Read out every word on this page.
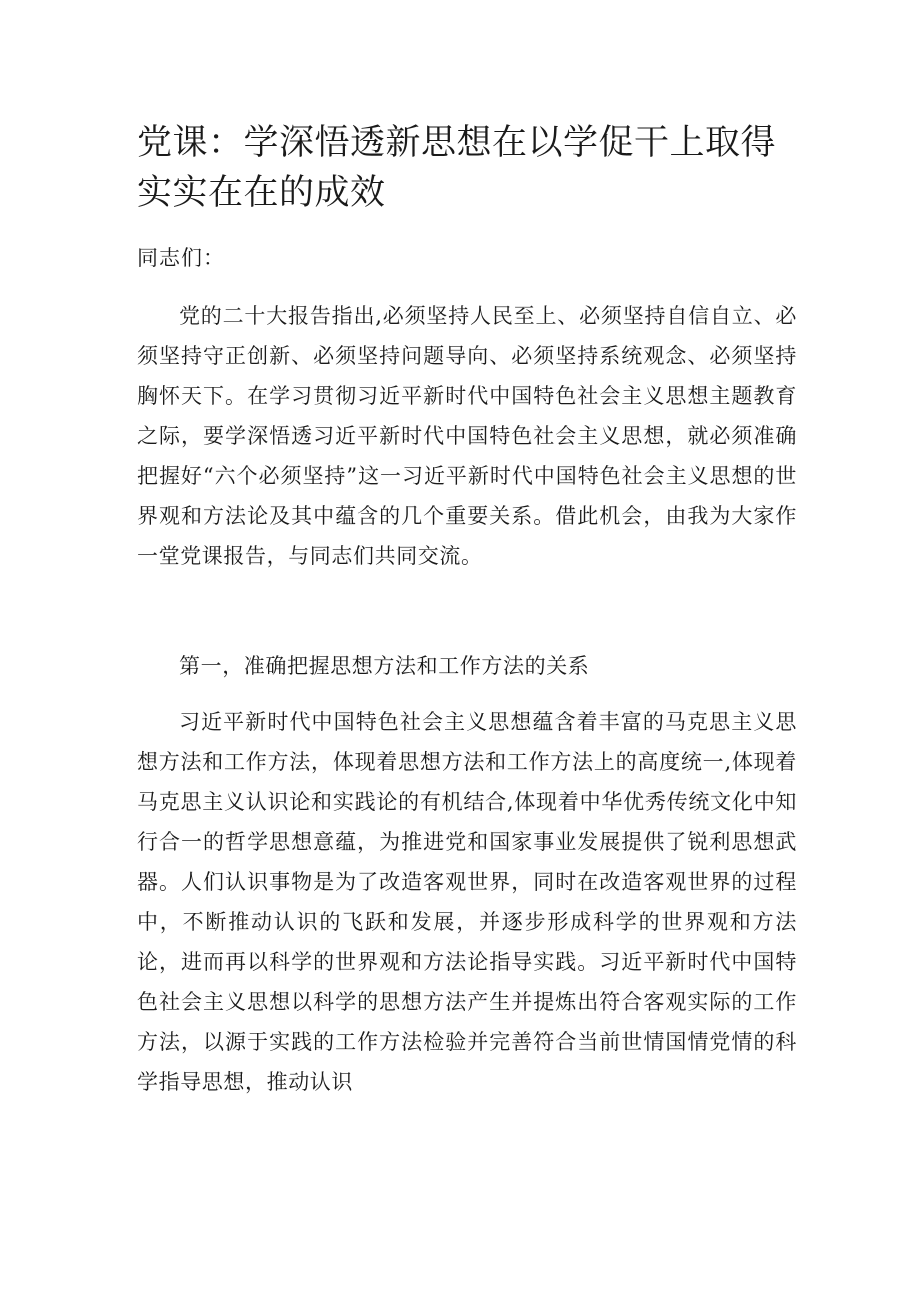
党课：学深悟透新思想在以学促干上取得实实在在的成效

同志们：

党的二十大报告指出,必须坚持人民至上、必须坚持自信自立、必须坚持守正创新、必须坚持问题导向、必须坚持系统观念、必须坚持胸怀天下。在学习贯彻习近平新时代中国特色社会主义思想主题教育之际，要学深悟透习近平新时代中国特色社会主义思想，就必须准确把握好“六个必须坚持”这一习近平新时代中国特色社会主义思想的世界观和方法论及其中蕴含的几个重要关系。借此机会，由我为大家作一堂党课报告，与同志们共同交流。

第一，准确把握思想方法和工作方法的关系

习近平新时代中国特色社会主义思想蕴含着丰富的马克思主义思想方法和工作方法，体现着思想方法和工作方法上的高度统一,体现着马克思主义认识论和实践论的有机结合,体现着中华优秀传统文化中知行合一的哲学思想意蕴，为推进党和国家事业发展提供了锐利思想武器。人们认识事物是为了改造客观世界，同时在改造客观世界的过程中，不断推动认识的飞跃和发展，并逐步形成科学的世界观和方法论，进而再以科学的世界观和方法论指导实践。习近平新时代中国特色社会主义思想以科学的思想方法产生并提炼出符合客观实际的工作方法，以源于实践的工作方法检验并完善符合当前世情国情党情的科学指导思想，推动认识
